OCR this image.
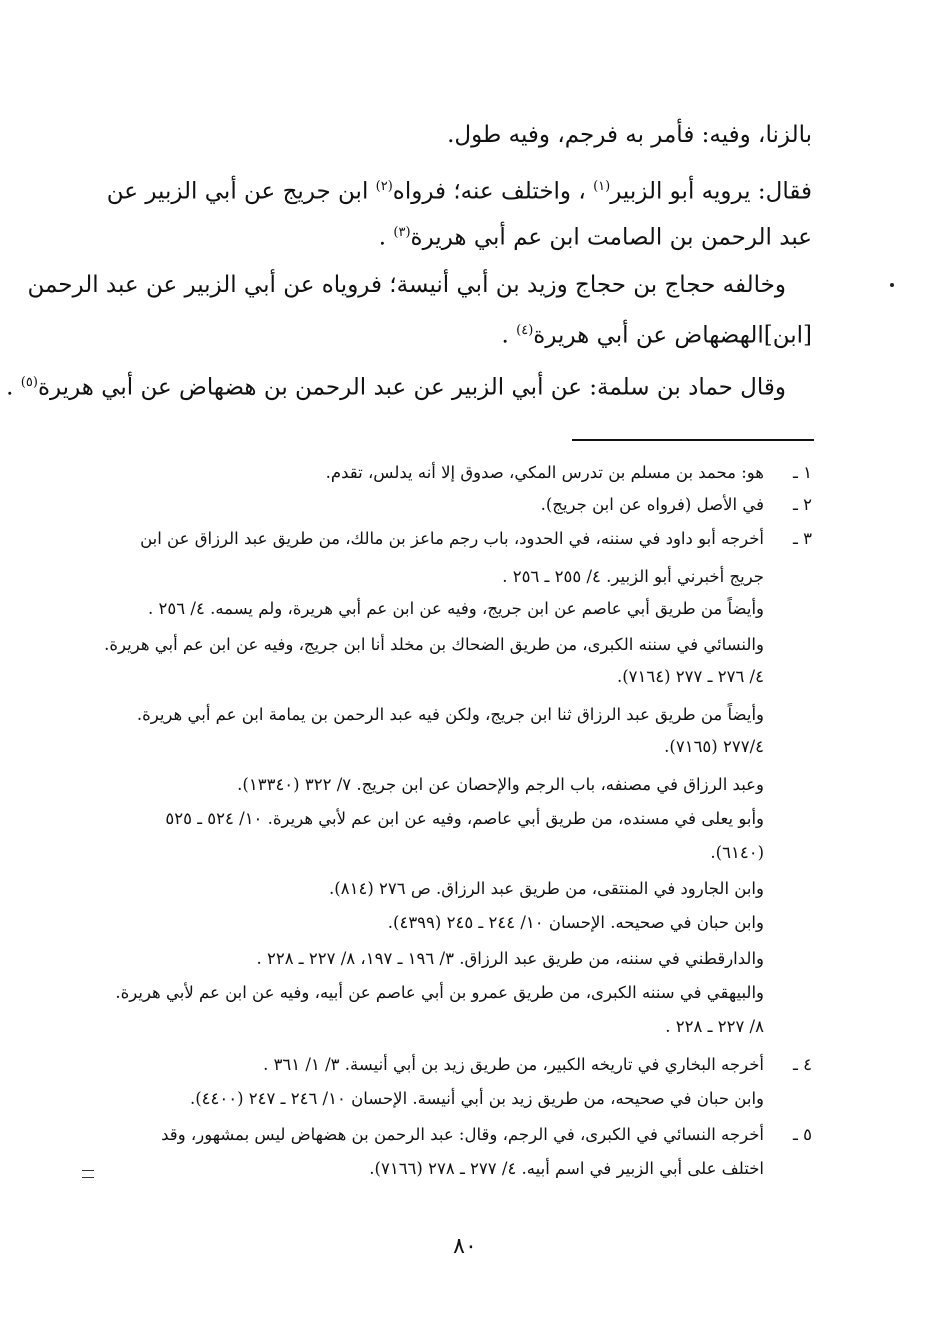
بالزنا، وفيه: فأمر به فرجم، وفيه طول.
فقال: يرويه أبو الزبير$^{(١)}$ ، واختلف عنه؛ فرواه$^{(٢)}$ ابن جريج عن أبي الزبير عن
عبد الرحمن بن الصامت ابن عم أبي هريرة$^{(٣)}$ .
وخالفه حجاج بن حجاج وزيد بن أبي أنيسة؛ فروياه عن أبي الزبير عن عبد الرحمن
[ابن]الهضهاض عن أبي هريرة$^{(٤)}$ .
وقال حماد بن سلمة: عن أبي الزبير عن عبد الرحمن بن هضهاض عن أبي هريرة$^{(٥)}$ .
١ ـ
هو: محمد بن مسلم بن تدرس المكي، صدوق إلا أنه يدلس، تقدم.
٢ ـ
في الأصل (فرواه عن ابن جريج).
٣ ـ
أخرجه أبو داود في سننه، في الحدود، باب رجم ماعز بن مالك، من طريق عبد الرزاق عن ابن
جريج أخبرني أبو الزبير. ٤/ ٢٥٥ ـ ٢٥٦ .
وأيضاً من طريق أبي عاصم عن ابن جريج، وفيه عن ابن عم أبي هريرة، ولم يسمه. ٤/ ٢٥٦ .
والنسائي في سننه الكبرى، من طريق الضحاك بن مخلد أنا ابن جريج، وفيه عن ابن عم أبي هريرة.
٤/ ٢٧٦ ـ ٢٧٧ (٧١٦٤).
وأيضاً من طريق عبد الرزاق ثنا ابن جريج، ولكن فيه عبد الرحمن بن يمامة ابن عم أبي هريرة.
٢٧٧/٤ (٧١٦٥).
وعبد الرزاق في مصنفه، باب الرجم والإحصان عن ابن جريج. ٧/ ٣٢٢ (١٣٣٤٠).
وأبو يعلى في مسنده، من طريق أبي عاصم، وفيه عن ابن عم لأبي هريرة. ١٠/ ٥٢٤ ـ ٥٢٥
(٦١٤٠).
وابن الجارود في المنتقى، من طريق عبد الرزاق. ص ٢٧٦ (٨١٤).
وابن حبان في صحيحه. الإحسان ١٠/ ٢٤٤ ـ ٢٤٥ (٤٣٩٩).
والدارقطني في سننه، من طريق عبد الرزاق. ٣/ ١٩٦ ـ ١٩٧، ٨/ ٢٢٧ ـ ٢٢٨ .
والبيهقي في سننه الكبرى، من طريق عمرو بن أبي عاصم عن أبيه، وفيه عن ابن عم لأبي هريرة.
٨/ ٢٢٧ ـ ٢٢٨ .
٤ ـ
أخرجه البخاري في تاريخه الكبير، من طريق زيد بن أبي أنيسة. ٣/ ١/ ٣٦١ .
وابن حبان في صحيحه، من طريق زيد بن أبي أنيسة. الإحسان ١٠/ ٢٤٦ ـ ٢٤٧ (٤٤٠٠).
٥ ـ
أخرجه النسائي في الكبرى، في الرجم، وقال: عبد الرحمن بن هضهاض ليس بمشهور، وقد
اختلف على أبي الزبير في اسم أبيه. ٤/ ٢٧٧ ـ ٢٧٨ (٧١٦٦).
٨٠
